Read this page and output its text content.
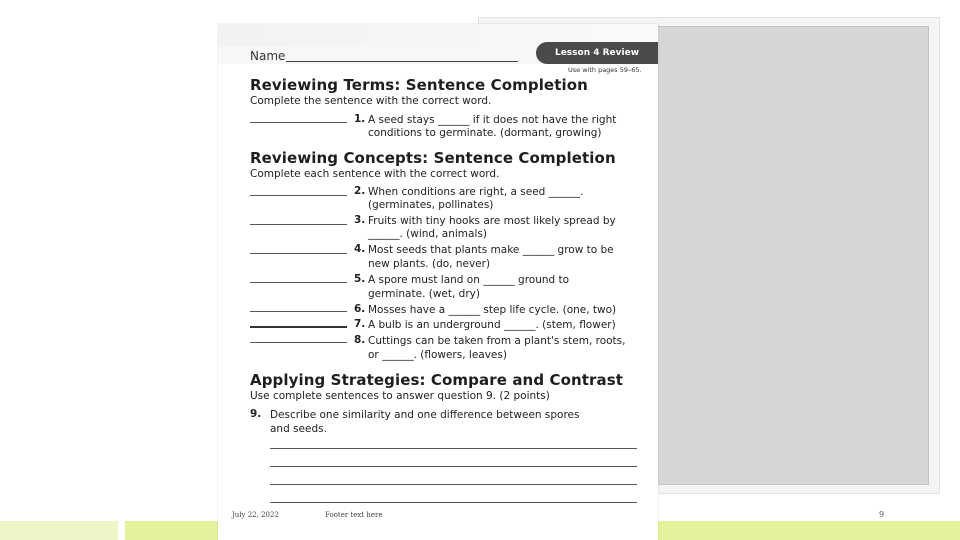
Name	Lesson 4 Review
Use with pages 59–65.
Reviewing Terms: Sentence Completion
Complete the sentence with the correct word.
1. A seed stays ______ if it does not have the right
conditions to germinate. (dormant, growing)
Reviewing Concepts: Sentence Completion
Complete each sentence with the correct word.
2. When conditions are right, a seed ______.
(germinates, pollinates)
3. Fruits with tiny hooks are most likely spread by
______. (wind, animals)
4. Most seeds that plants make ______ grow to be
new plants. (do, never)
5. A spore must land on ______ ground to
germinate. (wet, dry)
6. Mosses have a ______ step life cycle. (one, two)
7. A bulb is an underground ______. (stem, flower)
8. Cuttings can be taken from a plant's stem, roots,
or ______. (flowers, leaves)
Applying Strategies: Compare and Contrast
Use complete sentences to answer question 9. (2 points)
9. Describe one similarity and one difference between spores
and seeds.
July 22, 2022	Footer text here	9
